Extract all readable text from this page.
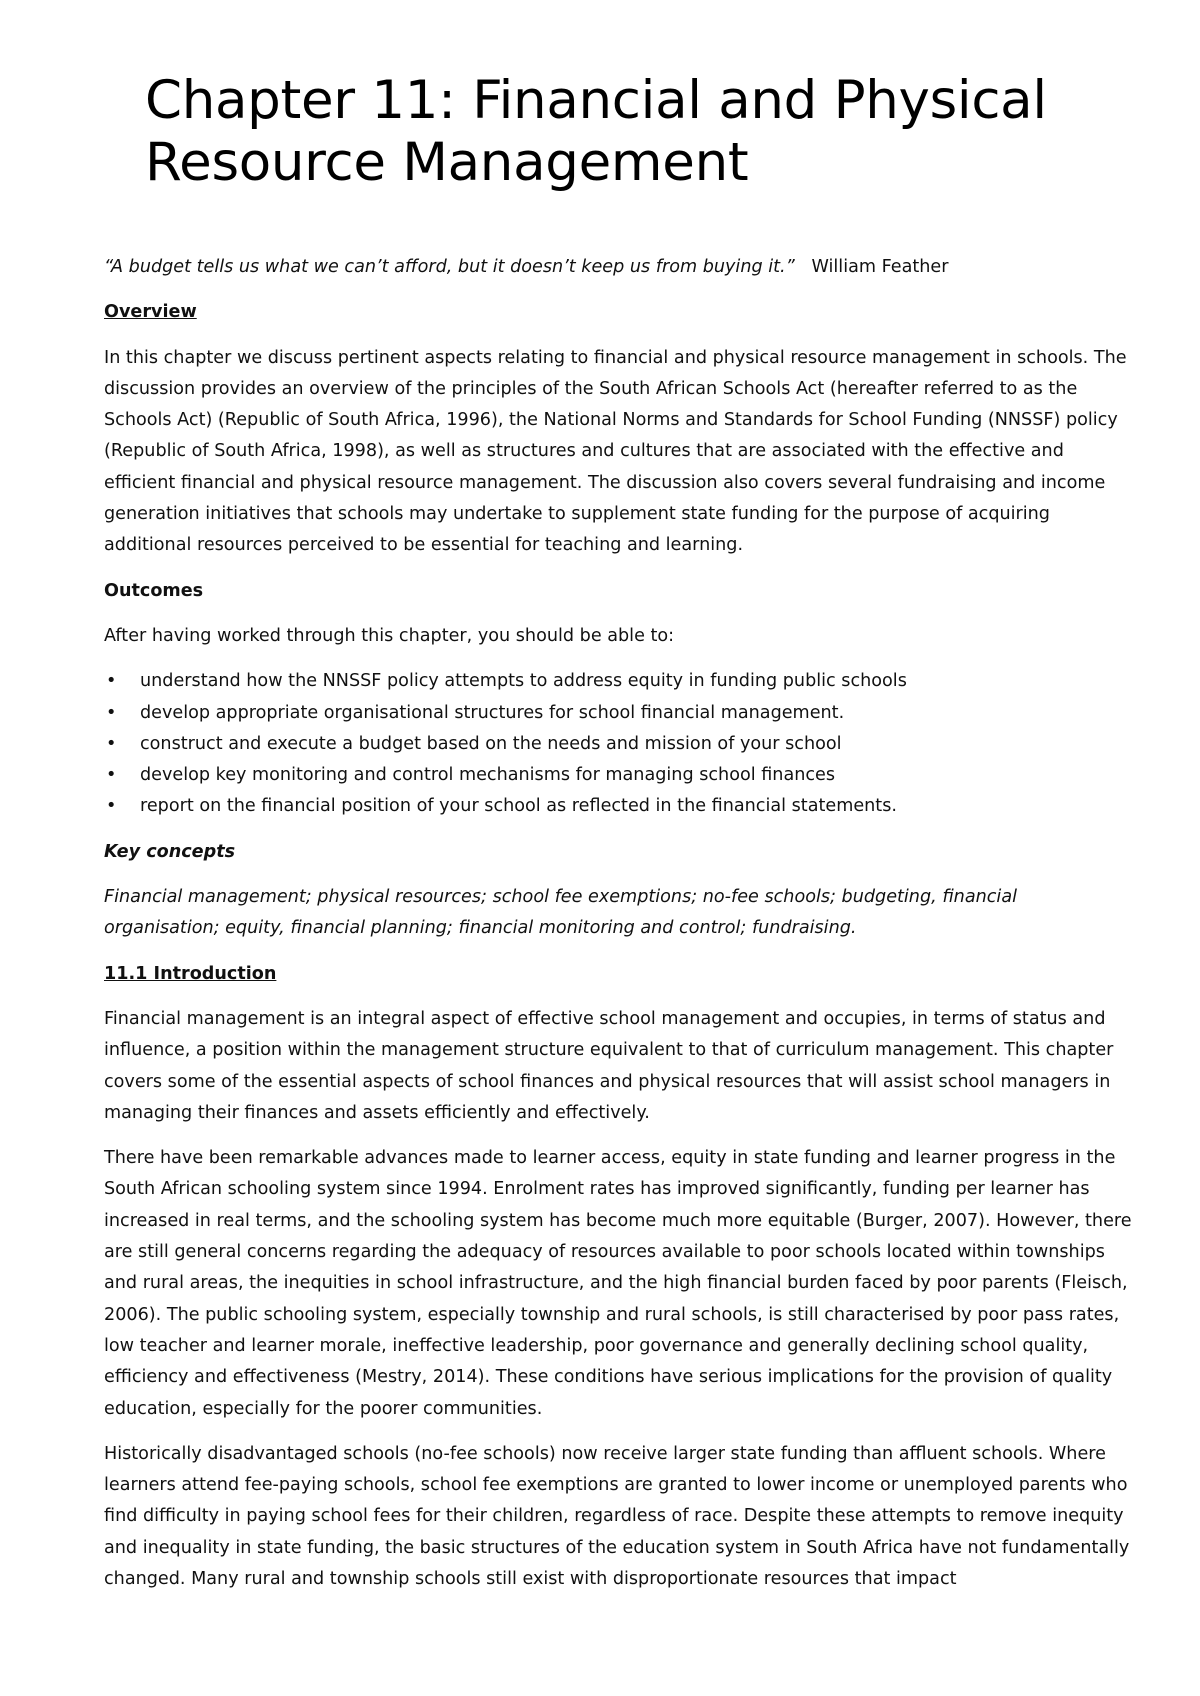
Chapter 11: Financial and Physical
Resource Management

“A budget tells us what we can’t afford, but it doesn’t keep us from buying it.” William Feather

Overview

In this chapter we discuss pertinent aspects relating to financial and physical resource management in schools. The discussion provides an overview of the principles of the South African Schools Act (hereafter referred to as the Schools Act) (Republic of South Africa, 1996), the National Norms and Standards for School Funding (NNSSF) policy (Republic of South Africa, 1998), as well as structures and cultures that are associated with the effective and efficient financial and physical resource management. The discussion also covers several fundraising and income generation initiatives that schools may undertake to supplement state funding for the purpose of acquiring additional resources perceived to be essential for teaching and learning.

Outcomes

After having worked through this chapter, you should be able to:

• understand how the NNSSF policy attempts to address equity in funding public schools
• develop appropriate organisational structures for school financial management.
• construct and execute a budget based on the needs and mission of your school
• develop key monitoring and control mechanisms for managing school finances
• report on the financial position of your school as reflected in the financial statements.
Key concepts

Financial management; physical resources; school fee exemptions; no-fee schools; budgeting, financial organisation; equity, financial planning; financial monitoring and control; fundraising.

11.1 Introduction

Financial management is an integral aspect of effective school management and occupies, in terms of status and influence, a position within the management structure equivalent to that of curriculum management. This chapter covers some of the essential aspects of school finances and physical resources that will assist school managers in managing their finances and assets efficiently and effectively.

There have been remarkable advances made to learner access, equity in state funding and learner progress in the South African schooling system since 1994. Enrolment rates has improved significantly, funding per learner has increased in real terms, and the schooling system has become much more equitable (Burger, 2007). However, there are still general concerns regarding the adequacy of resources available to poor schools located within townships and rural areas, the inequities in school infrastructure, and the high financial burden faced by poor parents (Fleisch, 2006). The public schooling system, especially township and rural schools, is still characterised by poor pass rates, low teacher and learner morale, ineffective leadership, poor governance and generally declining school quality, efficiency and effectiveness (Mestry, 2014). These conditions have serious implications for the provision of quality education, especially for the poorer communities.

Historically disadvantaged schools (no-fee schools) now receive larger state funding than affluent schools. Where learners attend fee-paying schools, school fee exemptions are granted to lower income or unemployed parents who find difficulty in paying school fees for their children, regardless of race. Despite these attempts to remove inequity and inequality in state funding, the basic structures of the education system in South Africa have not fundamentally changed. Many rural and township schools still exist with disproportionate resources that impact
